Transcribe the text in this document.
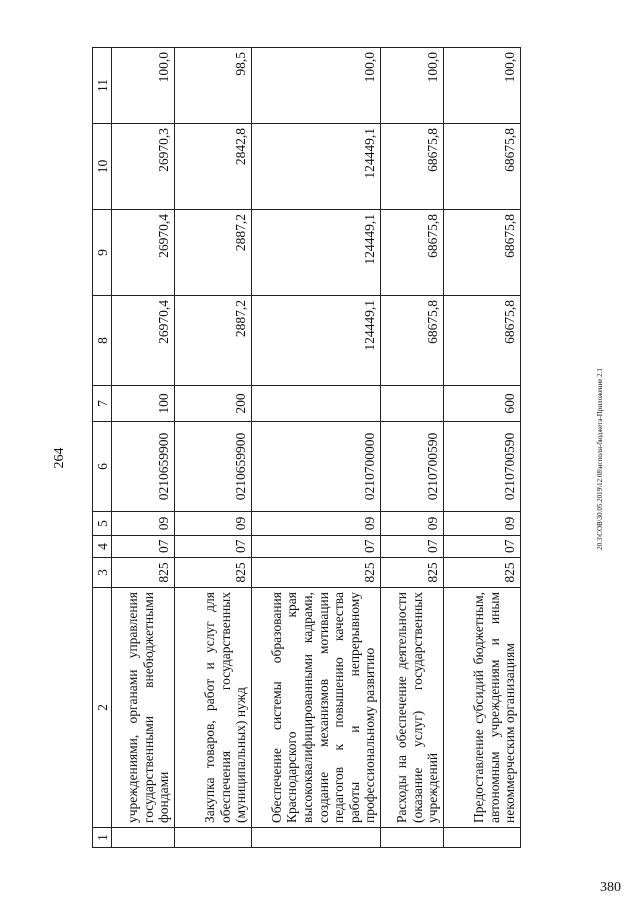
264	20.3\СОВ\30.05.2019\12.08\исполн-бюджета-Приложение 2.1
380
1	2	3	4	5	6	7	8	9	10	11
	учреждениями, органами управления государственными внебюджетными фондами	825	07	09	0210659900	100	26970,4	26970,4	26970,3	100,0
	Закупка товаров, работ и услуг для обеспечения государственных (муниципальных) нужд	825	07	09	0210659900	200	2887,2	2887,2	2842,8	98,5
	Обеспечение системы образования Краснодарского края высококвалифицированными кадрами, создание механизмов мотивации педагогов к повышению качества работы и непрерывному профессиональному развитию	825	07	09	0210700000		124449,1	124449,1	124449,1	100,0
	Расходы на обеспечение деятельности (оказание услуг) государственных учреждений	825	07	09	0210700590		68675,8	68675,8	68675,8	100,0
	Предоставление субсидий бюджетным, автономным учреждениям и иным некоммерческим организациям	825	07	09	0210700590	600	68675,8	68675,8	68675,8	100,0
